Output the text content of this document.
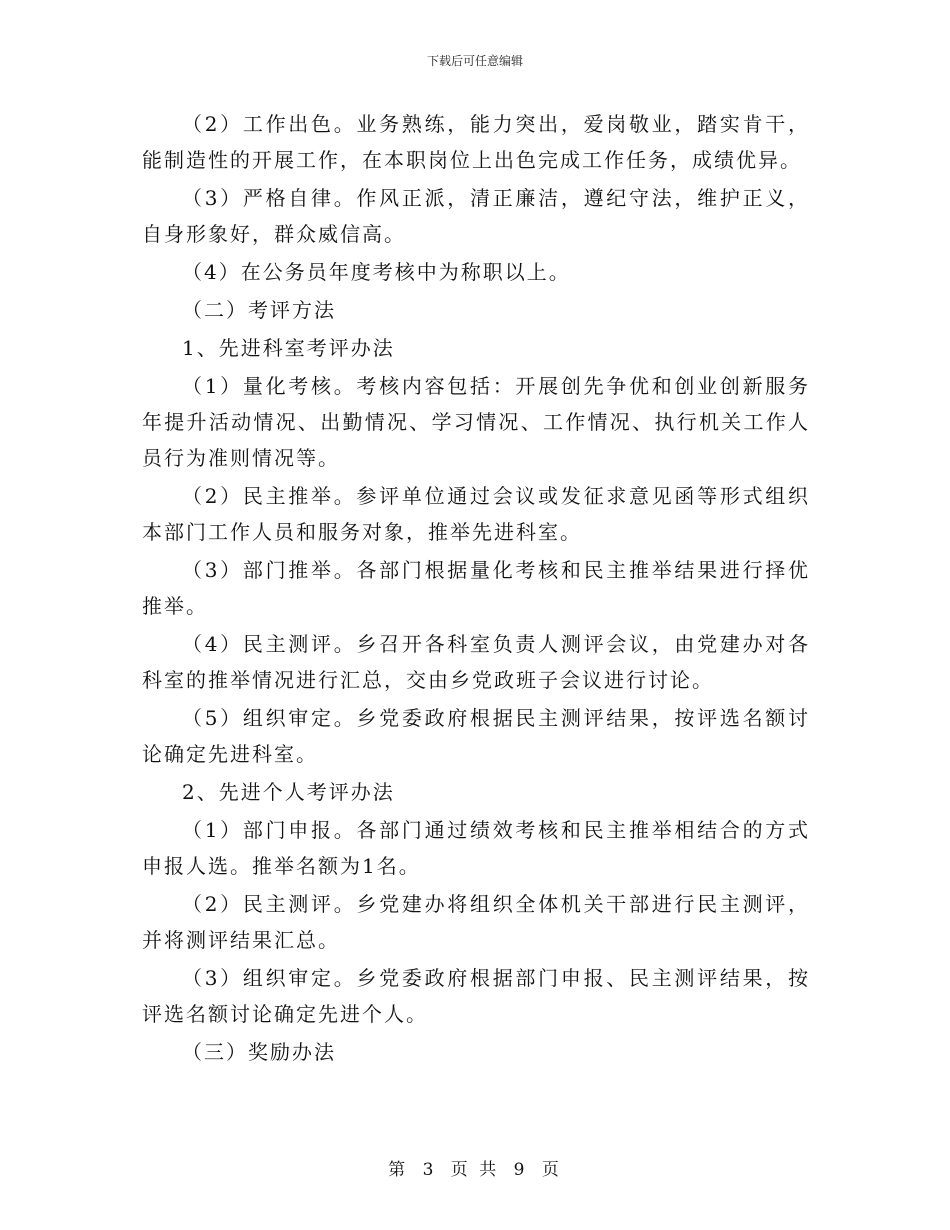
下载后可任意编辑

（2）工作出色。业务熟练，能力突出，爱岗敬业，踏实肯干，能制造性的开展工作，在本职岗位上出色完成工作任务，成绩优异。

（3）严格自律。作风正派，清正廉洁，遵纪守法，维护正义，自身形象好，群众威信高。

（4）在公务员年度考核中为称职以上。

（二）考评方法

1、先进科室考评办法

（1）量化考核。考核内容包括：开展创先争优和创业创新服务年提升活动情况、出勤情况、学习情况、工作情况、执行机关工作人员行为准则情况等。

（2）民主推举。参评单位通过会议或发征求意见函等形式组织本部门工作人员和服务对象，推举先进科室。

（3）部门推举。各部门根据量化考核和民主推举结果进行择优推举。

（4）民主测评。乡召开各科室负责人测评会议，由党建办对各科室的推举情况进行汇总，交由乡党政班子会议进行讨论。

（5）组织审定。乡党委政府根据民主测评结果，按评选名额讨论确定先进科室。

2、先进个人考评办法

（1）部门申报。各部门通过绩效考核和民主推举相结合的方式申报人选。推举名额为1名。

（2）民主测评。乡党建办将组织全体机关干部进行民主测评，并将测评结果汇总。

（3）组织审定。乡党委政府根据部门申报、民主测评结果，按评选名额讨论确定先进个人。

（三）奖励办法

第 3 页 共 9 页
